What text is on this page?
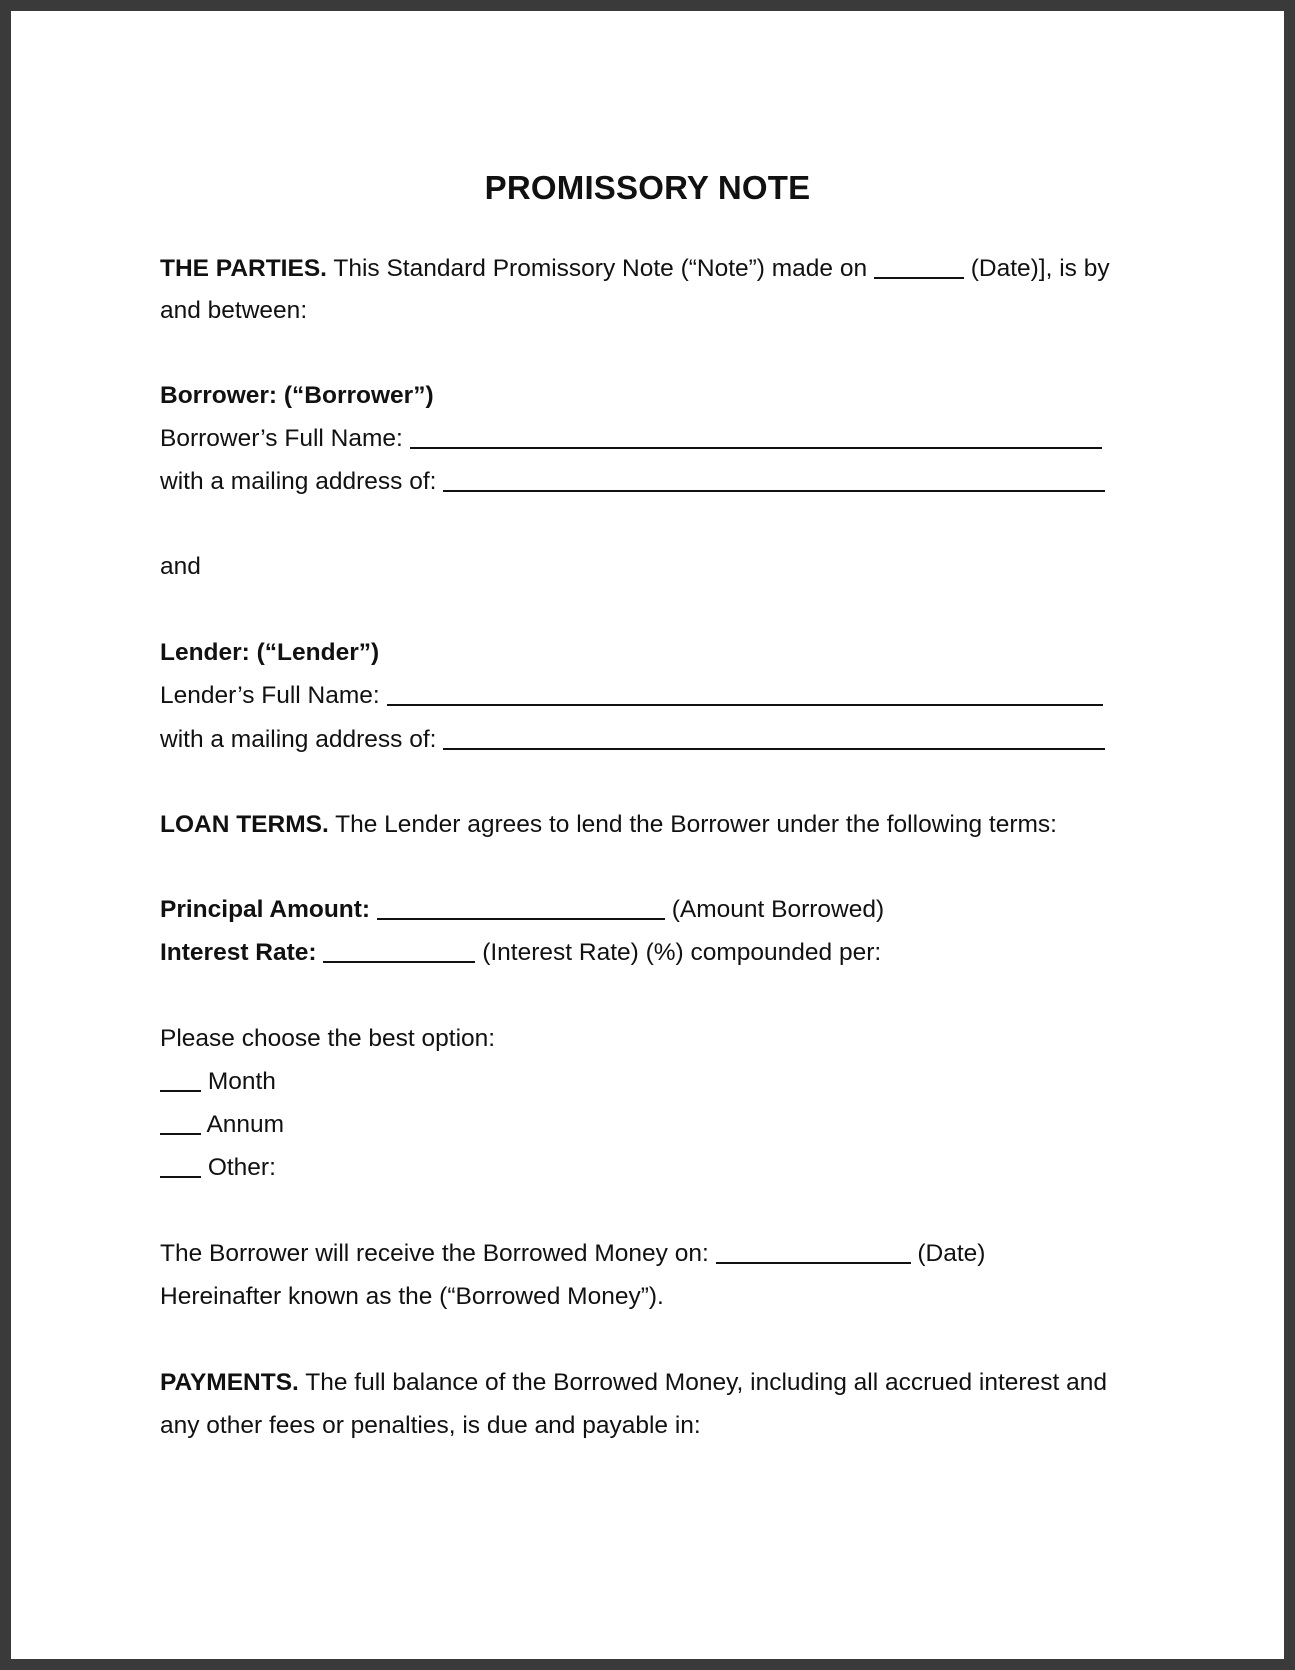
PROMISSORY NOTE
THE PARTIES. This Standard Promissory Note (“Note”) made on	(Date)], is by
and between:
Borrower: (“Borrower”)
Borrower’s Full Name:
with a mailing address of:
and
Lender: (“Lender”)
Lender’s Full Name:
with a mailing address of:
LOAN TERMS. The Lender agrees to lend the Borrower under the following terms:
Principal Amount:	(Amount Borrowed)
Interest Rate:	(Interest Rate) (%) compounded per:
Please choose the best option:
Month
Annum
Other:
The Borrower will receive the Borrowed Money on:	(Date)
Hereinafter known as the (“Borrowed Money”).
PAYMENTS. The full balance of the Borrowed Money, including all accrued interest and
any other fees or penalties, is due and payable in:
